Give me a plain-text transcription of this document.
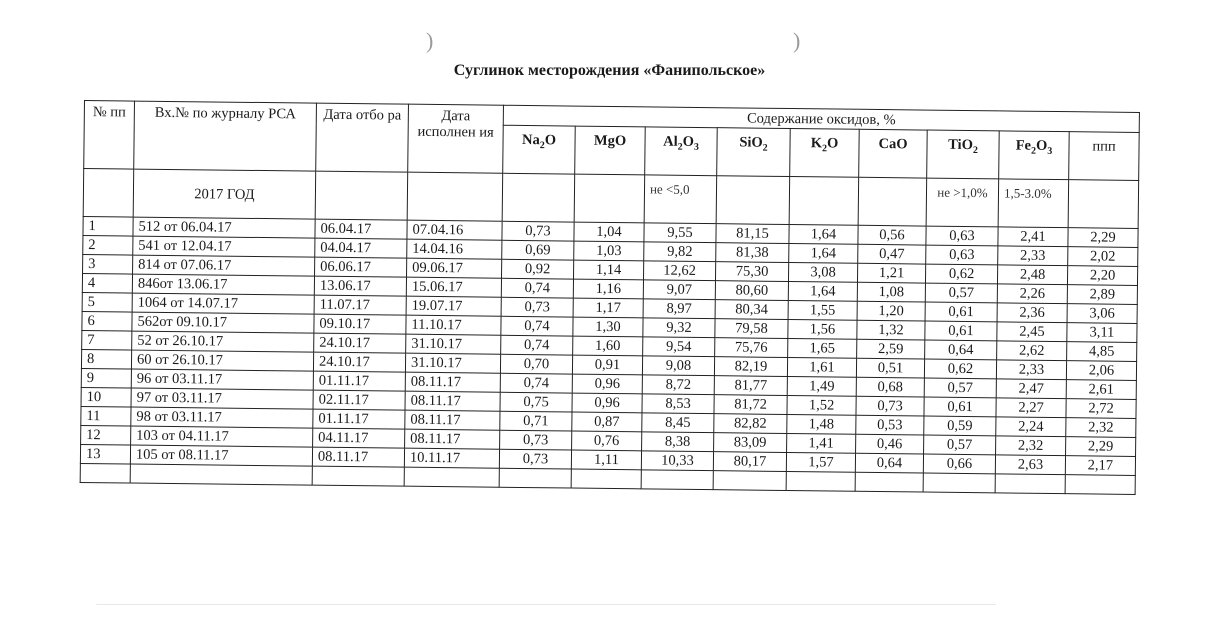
)	)
Суглинок месторождения «Фанипольское»
№ пп	Вх.№ по журналу РСА	Дата отбо ра	Дата исполнен ия	Содержание оксидов, %								
				$Na_2O$	MgO	$Al_2O_3$	SiO$_2$	$K_2O$	CaO	TiO$_2$	$Fe_2O_3$	ппп
	2017 ГОД					не <5,0				не >1,0%	1,5-3.0%	
1	512 от 06.04.17	06.04.17	07.04.16	0,73	1,04	9,55	81,15	1,64	0,56	0,63	2,41	2,29
2	541 от 12.04.17	04.04.17	14.04.16	0,69	1,03	9,82	81,38	1,64	0,47	0,63	2,33	2,02
3	814 от 07.06.17	06.06.17	09.06.17	0,92	1,14	12,62	75,30	3,08	1,21	0,62	2,48	2,20
4	846от 13.06.17	13.06.17	15.06.17	0,74	1,16	9,07	80,60	1,64	1,08	0,57	2,26	2,89
5	1064 от 14.07.17	11.07.17	19.07.17	0,73	1,17	8,97	80,34	1,55	1,20	0,61	2,36	3,06
6	562от 09.10.17	09.10.17	11.10.17	0,74	1,30	9,32	79,58	1,56	1,32	0,61	2,45	3,11
7	52 от 26.10.17	24.10.17	31.10.17	0,74	1,60	9,54	75,76	1,65	2,59	0,64	2,62	4,85
8	60 от 26.10.17	24.10.17	31.10.17	0,70	0,91	9,08	82,19	1,61	0,51	0,62	2,33	2,06
9	96 от 03.11.17	01.11.17	08.11.17	0,74	0,96	8,72	81,77	1,49	0,68	0,57	2,47	2,61
10	97 от 03.11.17	02.11.17	08.11.17	0,75	0,96	8,53	81,72	1,52	0,73	0,61	2,27	2,72
11	98 от 03.11.17	01.11.17	08.11.17	0,71	0,87	8,45	82,82	1,48	0,53	0,59	2,24	2,32
12	103 от 04.11.17	04.11.17	08.11.17	0,73	0,76	8,38	83,09	1,41	0,46	0,57	2,32	2,29
13	105 от 08.11.17	08.11.17	10.11.17	0,73	1,11	10,33	80,17	1,57	0,64	0,66	2,63	2,17
